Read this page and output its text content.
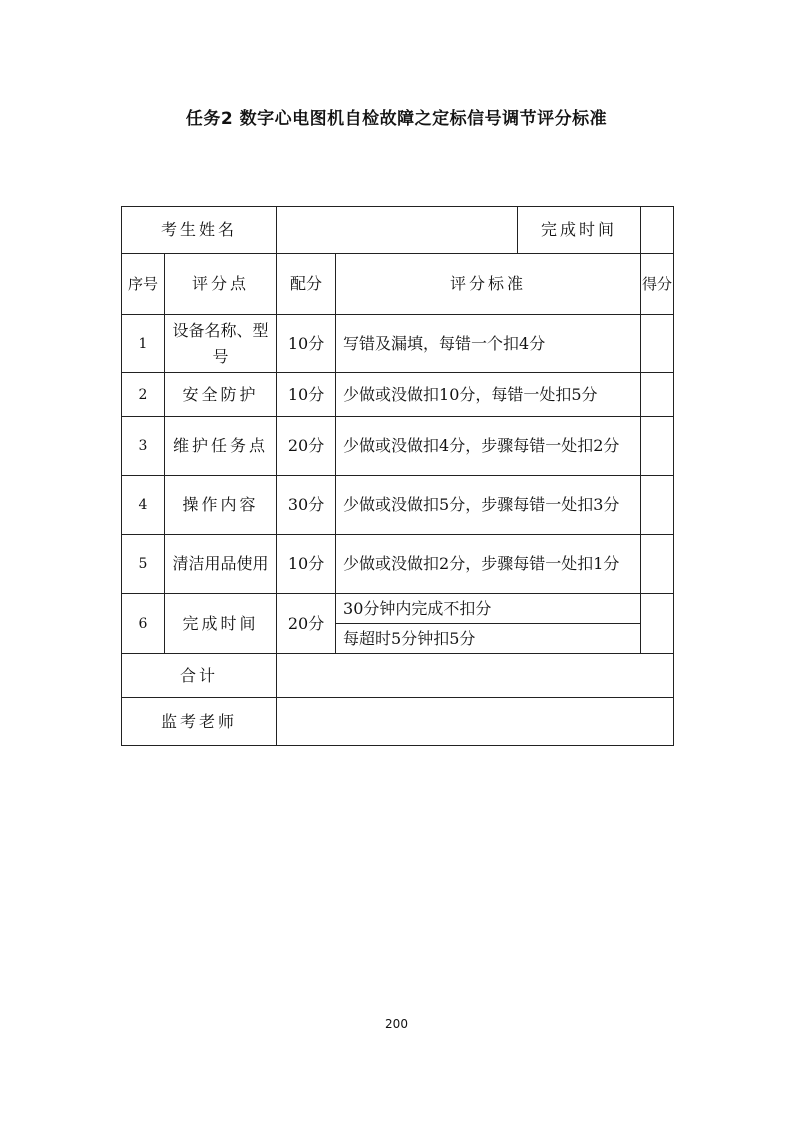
任务2 数字心电图机自检故障之定标信号调节评分标准
考生姓名				完成时间	
序号	评分点	配分	评分标准		得分
1	设备名称、型号	10分	写错及漏填，每错一个扣4分		
2	安全防护	10分	少做或没做扣10分，每错一处扣5分		
3	维护任务点	20分	少做或没做扣4分，步骤每错一处扣2分		
4	操作内容	30分	少做或没做扣5分，步骤每错一处扣3分		
5	清洁用品使用	10分	少做或没做扣2分，步骤每错一处扣1分		
6	完成时间	20分	30分钟内完成不扣分		
			每超时5分钟扣5分		
合计					
监考老师					
200
